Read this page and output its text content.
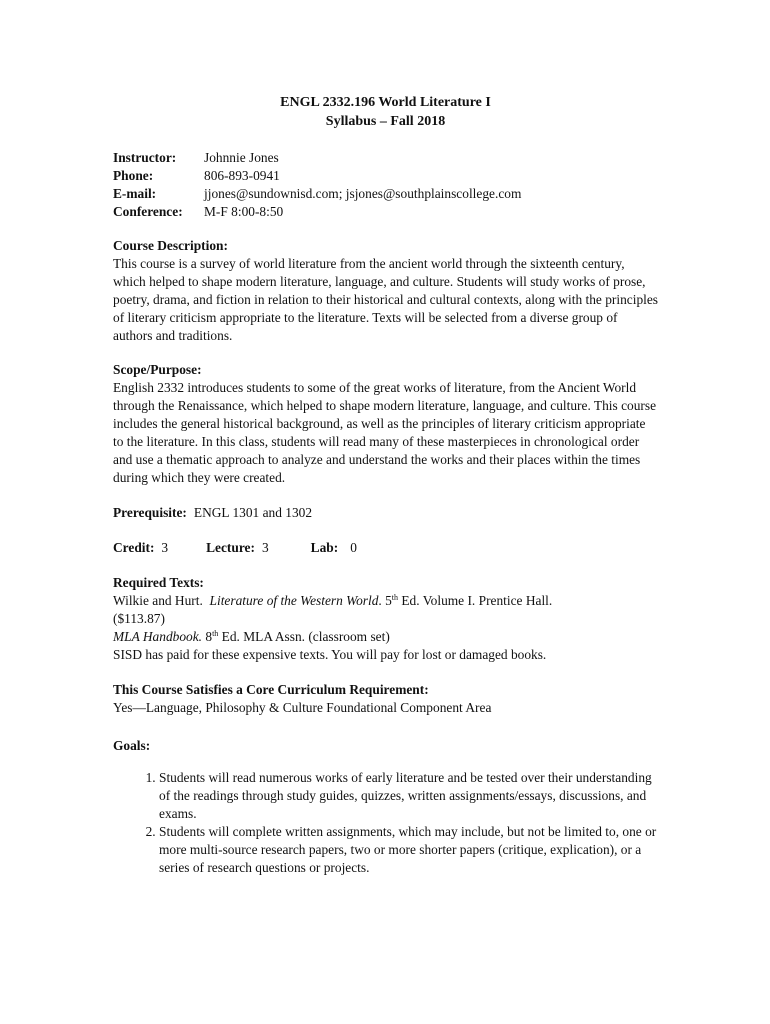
ENGL 2332.196 World Literature I
Syllabus – Fall 2018
Instructor:	Johnnie Jones
Phone:	806-893-0941
E-mail:	jjones@sundownisd.com; jsjones@southplainscollege.com
Conference:	M-F 8:00-8:50
Course Description:

This course is a survey of world literature from the ancient world through the sixteenth century, which helped to shape modern literature, language, and culture. Students will study works of prose, poetry, drama, and fiction in relation to their historical and cultural contexts, along with the principles of literary criticism appropriate to the literature. Texts will be selected from a diverse group of authors and traditions.

Scope/Purpose:

English 2332 introduces students to some of the great works of literature, from the Ancient World through the Renaissance, which helped to shape modern literature, language, and culture. This course includes the general historical background, as well as the principles of literary criticism appropriate to the literature. In this class, students will read many of these masterpieces in chronological order and use a thematic approach to analyze and understand the works and their places within the times during which they were created.

Prerequisite: ENGL 1301 and 1302
Credit: 3	Lecture: 3	Lab: 0
Required Texts:
Wilkie and Hurt. Literature of the Western World. 5th Ed. Volume I. Prentice Hall.
($113.87)
MLA Handbook. 8th Ed. MLA Assn. (classroom set)
SISD has paid for these expensive texts. You will pay for lost or damaged books.
This Course Satisfies a Core Curriculum Requirement:

Yes—Language, Philosophy & Culture Foundational Component Area

Goals:
1. Students will read numerous works of early literature and be tested over their understanding of the readings through study guides, quizzes, written assignments/essays, discussions, and exams.
2. Students will complete written assignments, which may include, but not be limited to, one or more multi-source research papers, two or more shorter papers (critique, explication), or a series of research questions or projects.
